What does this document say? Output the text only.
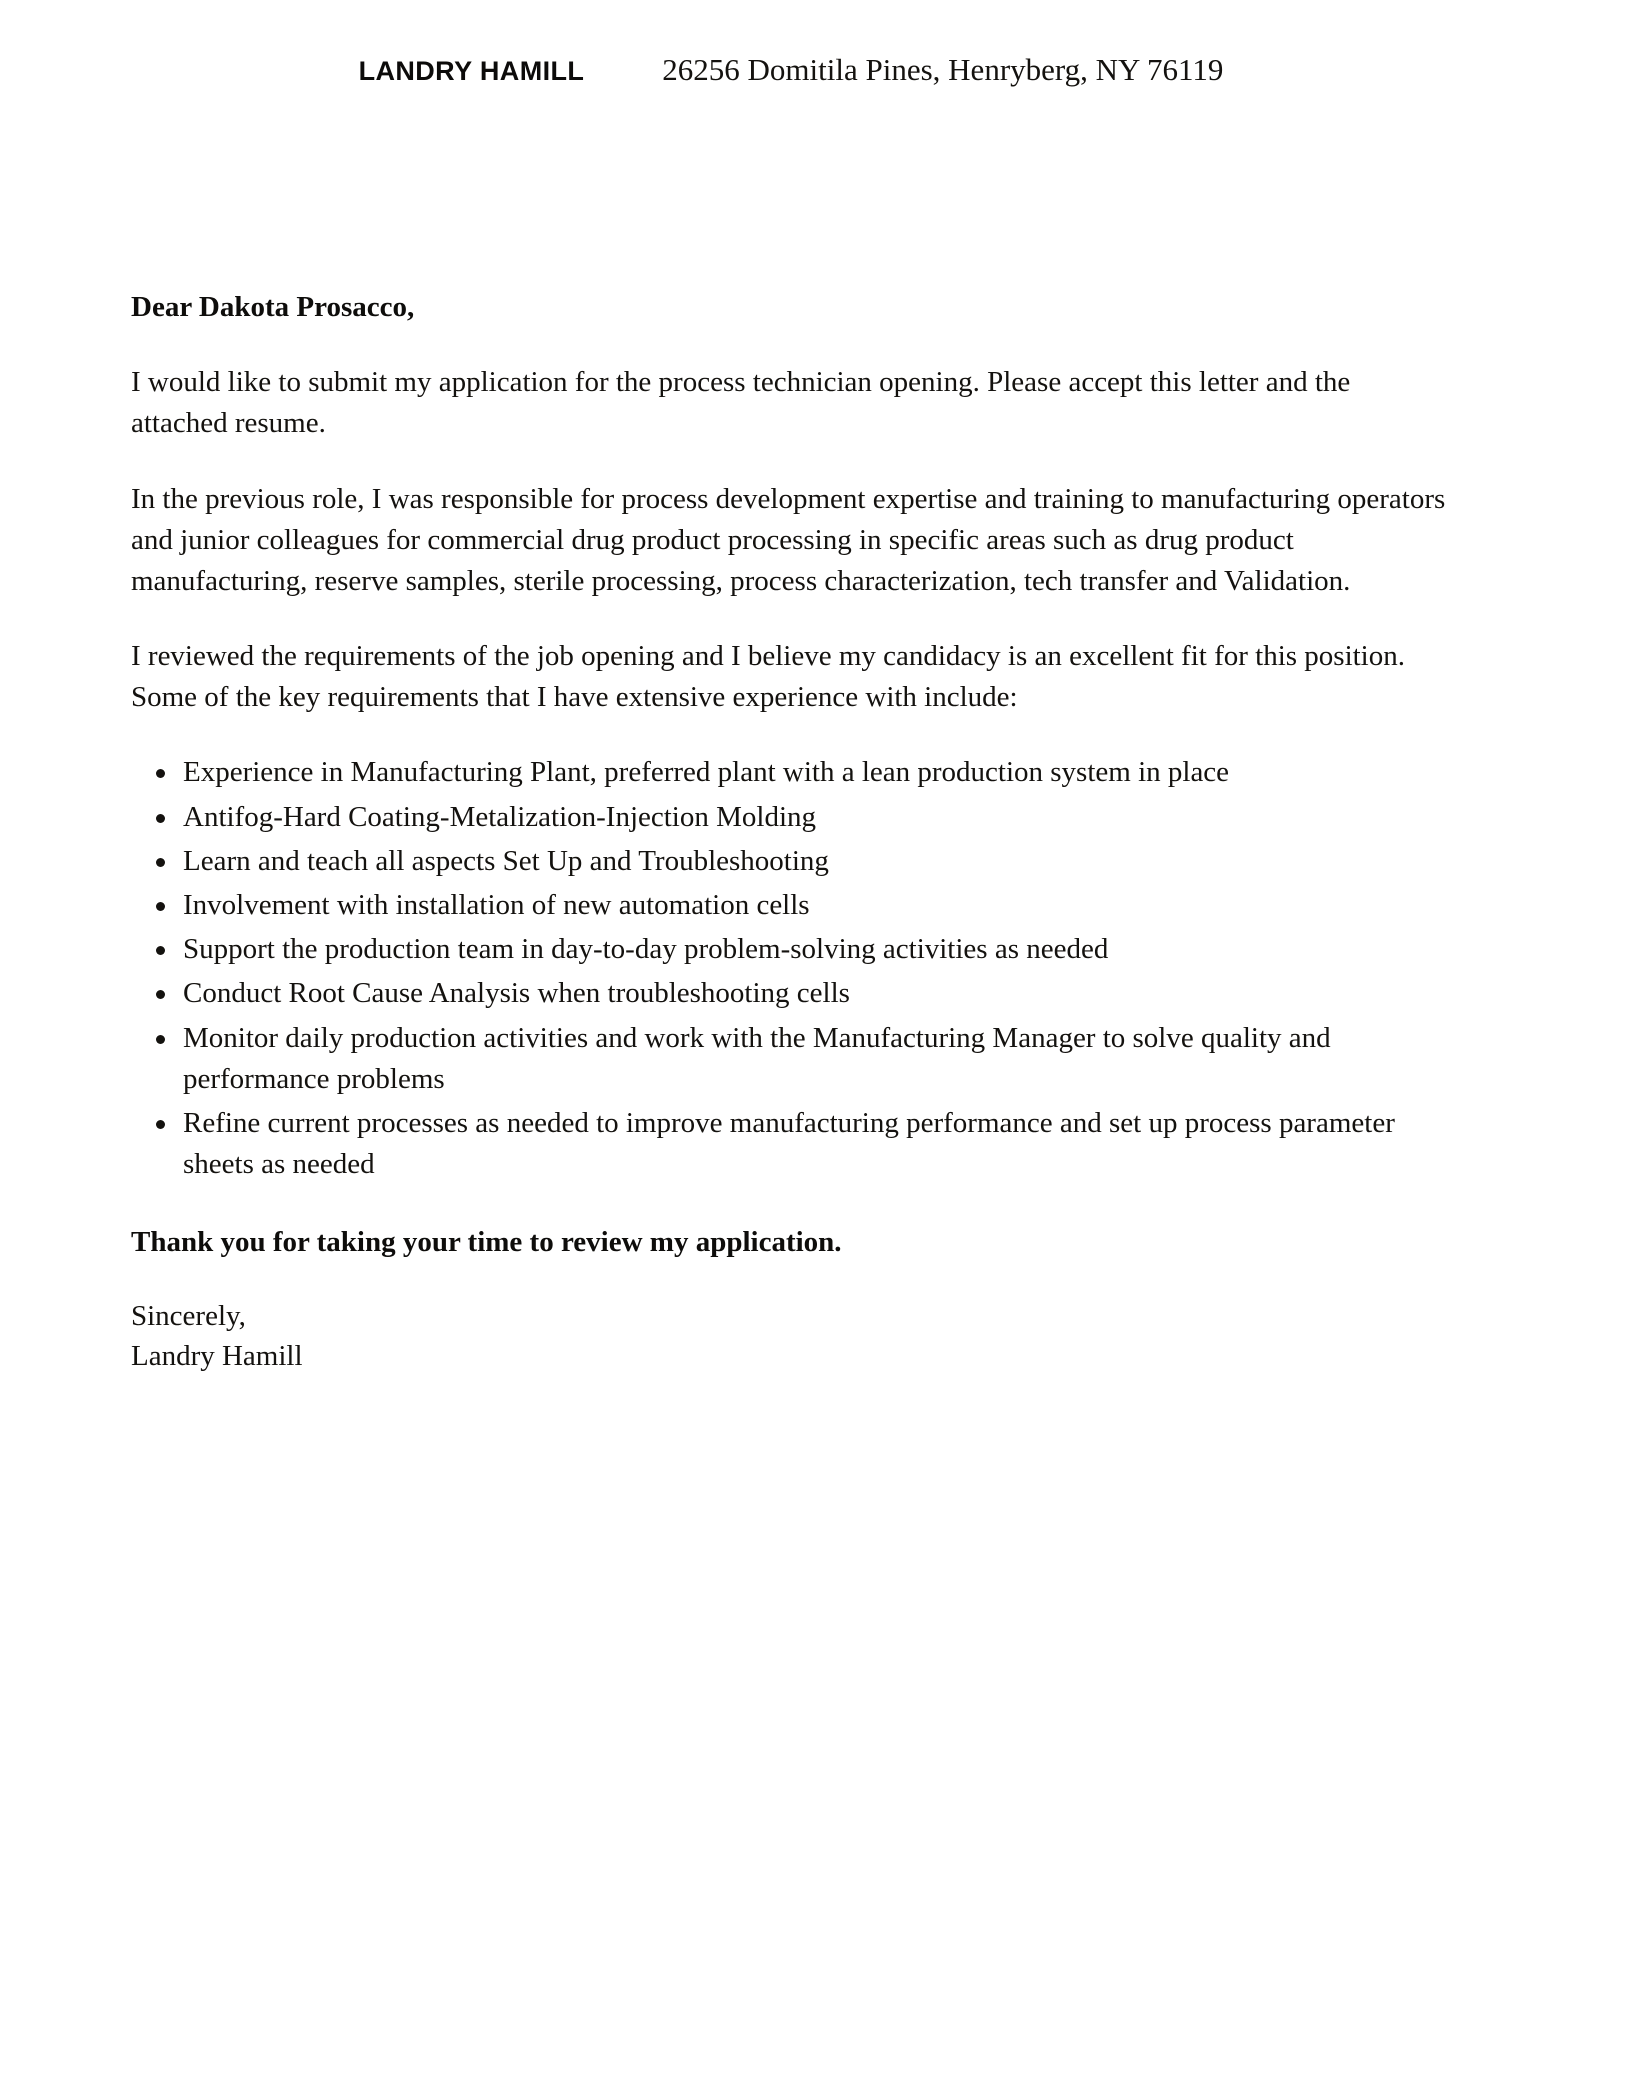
LANDRY HAMILL	26256 Domitila Pines, Henryberg, NY 76119

Dear Dakota Prosacco,

I would like to submit my application for the process technician opening. Please accept this letter and the attached resume.

In the previous role, I was responsible for process development expertise and training to manufacturing operators and junior colleagues for commercial drug product processing in specific areas such as drug product manufacturing, reserve samples, sterile processing, process characterization, tech transfer and Validation.

I reviewed the requirements of the job opening and I believe my candidacy is an excellent fit for this position. Some of the key requirements that I have extensive experience with include:

Experience in Manufacturing Plant, preferred plant with a lean production system in place
Antifog-Hard Coating-Metalization-Injection Molding
Learn and teach all aspects Set Up and Troubleshooting
Involvement with installation of new automation cells
Support the production team in day-to-day problem-solving activities as needed
Conduct Root Cause Analysis when troubleshooting cells
Monitor daily production activities and work with the Manufacturing Manager to solve quality and performance problems
Refine current processes as needed to improve manufacturing performance and set up process parameter sheets as needed

Thank you for taking your time to review my application.

Sincerely,
Landry Hamill
